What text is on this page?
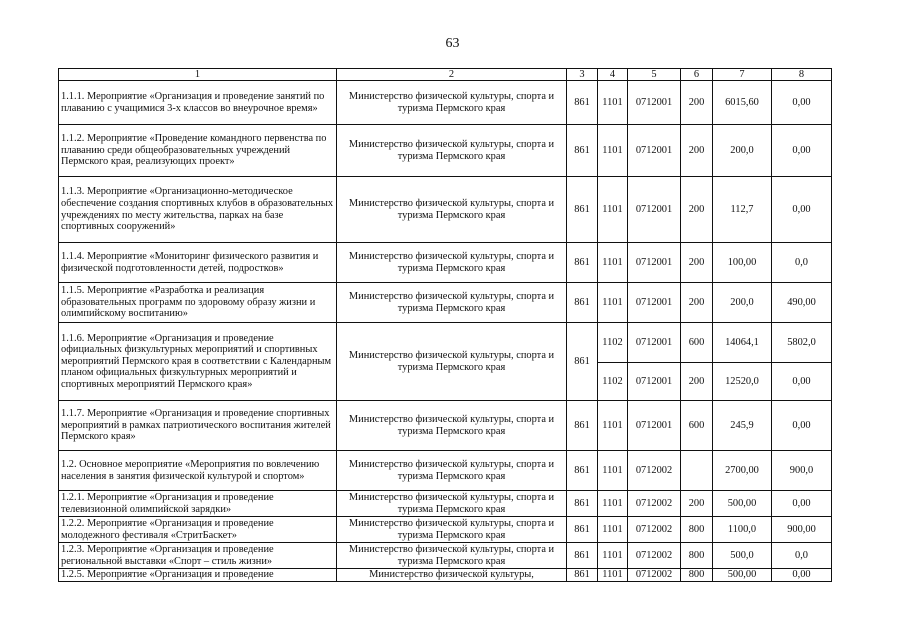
63
1	2	3	4	5	6	7	8
1.1.1. Мероприятие «Организация и проведение занятий по плаванию с учащимися 3-х классов во внеурочное время»	Министерство физической культуры, спорта и туризма Пермского края	861	1101	0712001	200	6015,60	0,00
1.1.2. Мероприятие «Проведение командного первенства по плаванию среди общеобразовательных учреждений Пермского края, реализующих проект»	Министерство физической культуры, спорта и туризма Пермского края	861	1101	0712001	200	200,0	0,00
1.1.3. Мероприятие «Организационно-методическое обеспечение создания спортивных клубов в образовательных учреждениях по месту жительства, парках на базе спортивных сооружений»	Министерство физической культуры, спорта и туризма Пермского края	861	1101	0712001	200	112,7	0,00
1.1.4. Мероприятие «Мониторинг физического развития и физической подготовленности детей, подростков»	Министерство физической культуры, спорта и туризма Пермского края	861	1101	0712001	200	100,00	0,0
1.1.5. Мероприятие «Разработка и реализация образовательных программ по здоровому образу жизни и олимпийскому воспитанию»	Министерство физической культуры, спорта и туризма Пермского края	861	1101	0712001	200	200,0	490,00
1.1.6. Мероприятие «Организация и проведение официальных физкультурных мероприятий и спортивных мероприятий Пермского края в соответствии с Календарным планом официальных физкультурных мероприятий и спортивных мероприятий Пермского края»	Министерство физической культуры, спорта и туризма Пермского края	861	1102	0712001	600	14064,1	5802,0
			1102	0712001	200	12520,0	0,00
1.1.7. Мероприятие «Организация и проведение спортивных мероприятий в рамках патриотического воспитания жителей Пермского края»	Министерство физической культуры, спорта и туризма Пермского края	861	1101	0712001	600	245,9	0,00
1.2. Основное мероприятие «Мероприятия по вовлечению населения в занятия физической культурой и спортом»	Министерство физической культуры, спорта и туризма Пермского края	861	1101	0712002		2700,00	900,0
1.2.1. Мероприятие «Организация и проведение телевизионной олимпийской зарядки»	Министерство физической культуры, спорта и туризма Пермского края	861	1101	0712002	200	500,00	0,00
1.2.2. Мероприятие «Организация и проведение молодежного фестиваля «СтритБаскет»	Министерство физической культуры, спорта и туризма Пермского края	861	1101	0712002	800	1100,0	900,00
1.2.3. Мероприятие «Организация и проведение региональной выставки «Спорт – стиль жизни»	Министерство физической культуры, спорта и туризма Пермского края	861	1101	0712002	800	500,0	0,0
1.2.5. Мероприятие «Организация и проведение	Министерство физической культуры,	861	1101	0712002	800	500,00	0,00
